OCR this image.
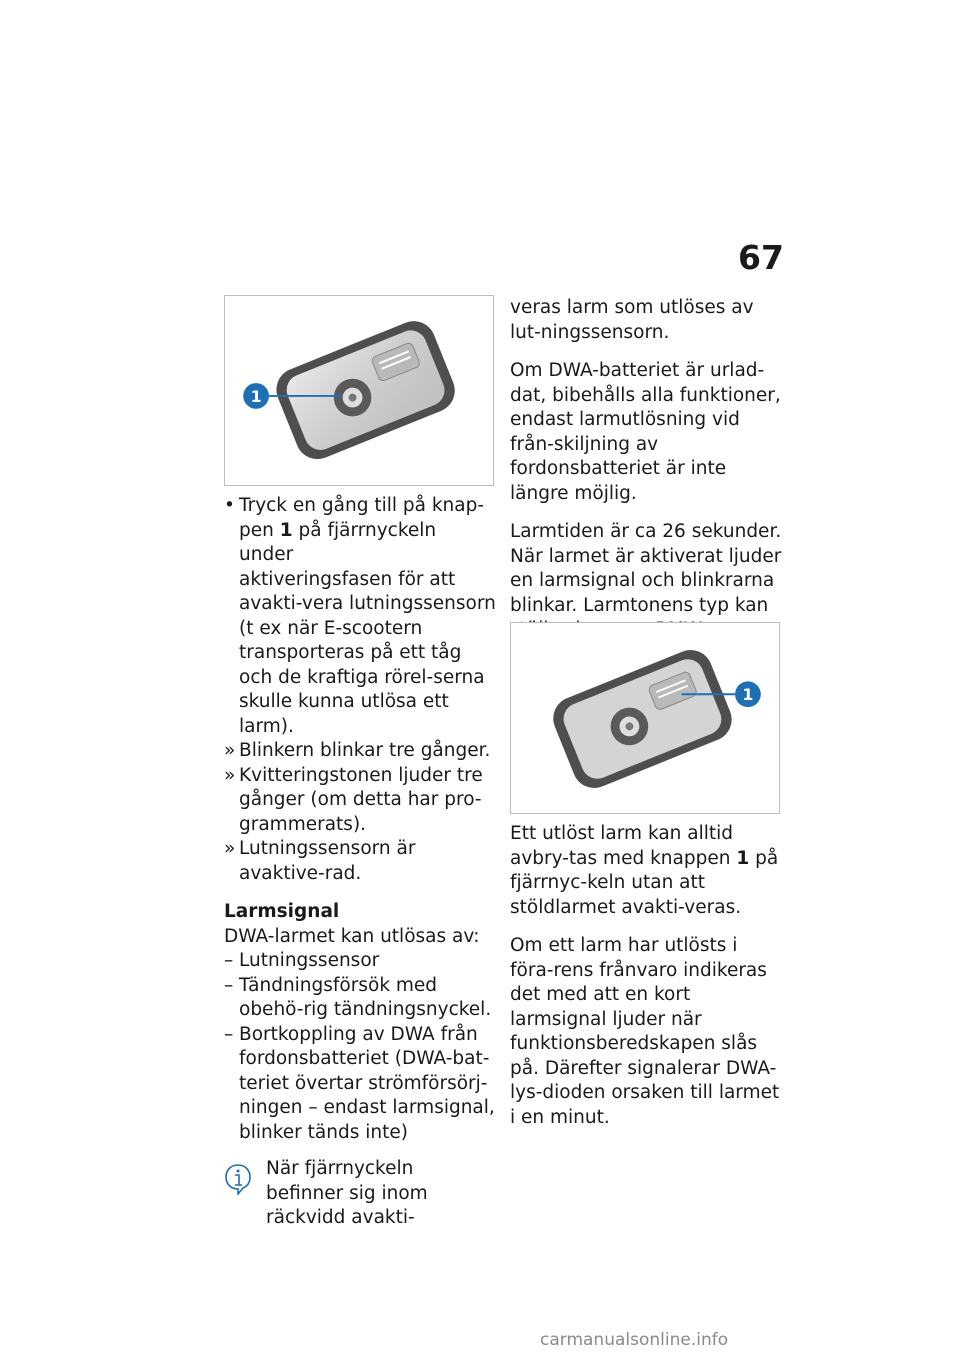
67
1

• Tryck en gång till på knap-
pen 1 på fjärrnyckeln under
aktiveringsfasen för att avakti-vera lutningssensorn (t ex när E-scootern transporteras på ett tåg och de kraftiga rörel-serna skulle kunna utlösa ett larm).

» Blinkern blinkar tre gånger.

» Kvitteringstonen ljuder tre gånger (om detta har pro-grammerats).

» Lutningssensorn är avaktive-rad.

Larmsignal

DWA-larmet kan utlösas av:

– Lutningssensor

– Tändningsförsök med obehö-rig tändningsnyckel.

– Bortkoppling av DWA från fordonsbatteriet (DWA-bat-teriet övertar strömförsörj-ningen – endast larmsignal, blinker tänds inte)

När fjärrnyckeln befinner sig inom räckvidd avakti-

veras larm som utlöses av lut-ningssensorn.

Om DWA-batteriet är urlad-dat, bibehålls alla funktioner, endast larmutlösning vid från-skiljning av fordonsbatteriet är inte längre möjlig.

Larmtiden är ca 26 sekunder. När larmet är aktiverat ljuder en larmsignal och blinkrarna blinkar. Larmtonens typ kan

1

Ett utlöst larm kan alltid avbry-tas med knappen 1 på fjärrnyc-keln utan att stöldlarmet avakti-veras.

Om ett larm har utlösts i föra-rens frånvaro indikeras det med att en kort larmsignal ljuder när funktionsberedskapen slås på. Därefter signalerar DWA-lys-dioden orsaken till larmet i en minut.

carmanualsonline.info
